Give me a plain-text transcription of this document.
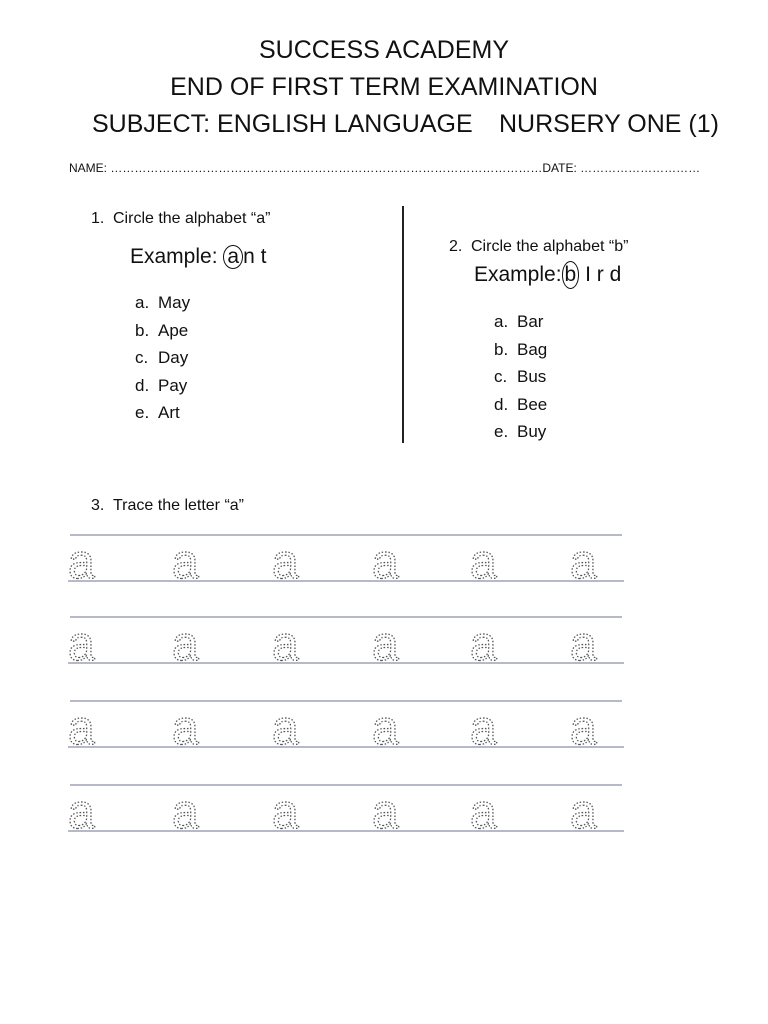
SUCCESS ACADEMY
END OF FIRST TERM EXAMINATION
SUBJECT: ENGLISH LANGUAGE NURSERY ONE (1)
NAME: ………………………………………………………………………………………………DATE: …………………………
1. Circle the alphabet “a”
Example: a n t
a. May
b. Ape
c. Day
d. Pay
e. Art
2. Circle the alphabet “b”
Example: b I r d
a. Bar
b. Bag
c. Bus
d. Bee
e. Buy
3. Trace the letter “a”
a a a a a a
a a a a a a
a a a a a a
a a a a a a
